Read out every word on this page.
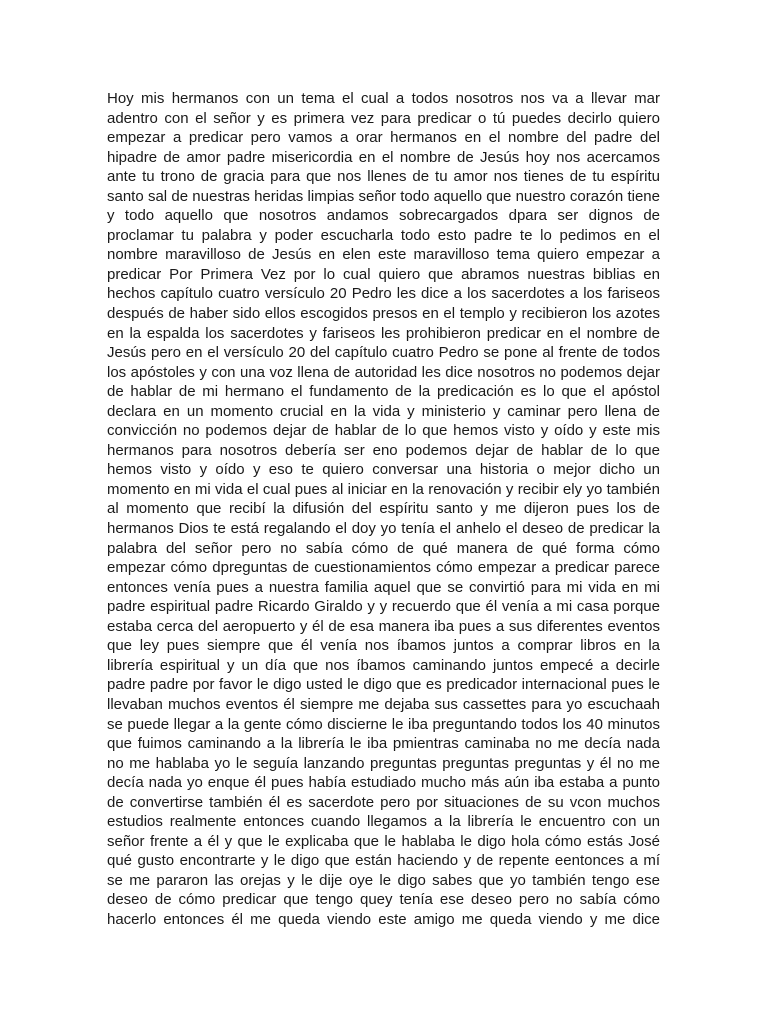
Hoy mis hermanos con un tema el cual a todos nosotros nos va a llevar mar
adentro con el señor y es primera vez para predicar o tú puedes decirlo quiero
empezar a predicar pero vamos a orar hermanos en el nombre del padre del
hipadre de amor padre misericordia en el nombre de Jesús hoy nos acercamos
ante tu trono de gracia para que nos llenes de tu amor nos tienes de tu espíritu
santo sal de nuestras heridas limpias señor todo aquello que nuestro corazón tiene
y todo aquello que nosotros andamos sobrecargados dpara ser dignos de
proclamar tu palabra y poder escucharla todo esto padre te lo pedimos en el
nombre maravilloso de Jesús en elen este maravilloso tema quiero empezar a
predicar Por Primera Vez por lo cual quiero que abramos nuestras biblias en
hechos capítulo cuatro versículo 20 Pedro les dice a los sacerdotes a los fariseos
después de haber sido ellos escogidos presos en el templo y recibieron los azotes
en la espalda los sacerdotes y fariseos les prohibieron predicar en el nombre de
Jesús pero en el versículo 20 del capítulo cuatro Pedro se pone al frente de todos
los apóstoles y con una voz llena de autoridad les dice nosotros no podemos dejar
de hablar de mi hermano el fundamento de la predicación es lo que el apóstol
declara en un momento crucial en la vida y ministerio y caminar pero llena de
convicción no podemos dejar de hablar de lo que hemos visto y oído y este mis
hermanos para nosotros debería ser eno podemos dejar de hablar de lo que
hemos visto y oído y eso te quiero conversar una historia o mejor dicho un
momento en mi vida el cual pues al iniciar en la renovación y recibir ely yo también
al momento que recibí la difusión del espíritu santo y me dijeron pues los de
hermanos Dios te está regalando el doy yo tenía el anhelo el deseo de predicar la
palabra del señor pero no sabía cómo de qué manera de qué forma cómo
empezar cómo dpreguntas de cuestionamientos cómo empezar a predicar parece
entonces venía pues a nuestra familia aquel que se convirtió para mi vida en mi
padre espiritual padre Ricardo Giraldo y y recuerdo que él venía a mi casa porque
estaba cerca del aeropuerto y él de esa manera iba pues a sus diferentes eventos
que ley pues siempre que él venía nos íbamos juntos a comprar libros en la
librería espiritual y un día que nos íbamos caminando juntos empecé a decirle
padre padre por favor le digo usted le digo que es predicador internacional pues le
llevaban muchos eventos él siempre me dejaba sus cassettes para yo escuchaah
se puede llegar a la gente cómo discierne le iba preguntando todos los 40 minutos
que fuimos caminando a la librería le iba pmientras caminaba no me decía nada
no me hablaba yo le seguía lanzando preguntas preguntas preguntas y él no me
decía nada yo enque él pues había estudiado mucho más aún iba estaba a punto
de convertirse también él es sacerdote pero por situaciones de su vcon muchos
estudios realmente entonces cuando llegamos a la librería le encuentro con un
señor frente a él y que le explicaba que le hablaba le digo hola cómo estás José
qué gusto encontrarte y le digo que están haciendo y de repente eentonces a mí
se me pararon las orejas y le dije oye le digo sabes que yo también tengo ese
deseo de cómo predicar que tengo quey tenía ese deseo pero no sabía cómo
hacerlo entonces él me queda viendo este amigo me queda viendo y me dice
